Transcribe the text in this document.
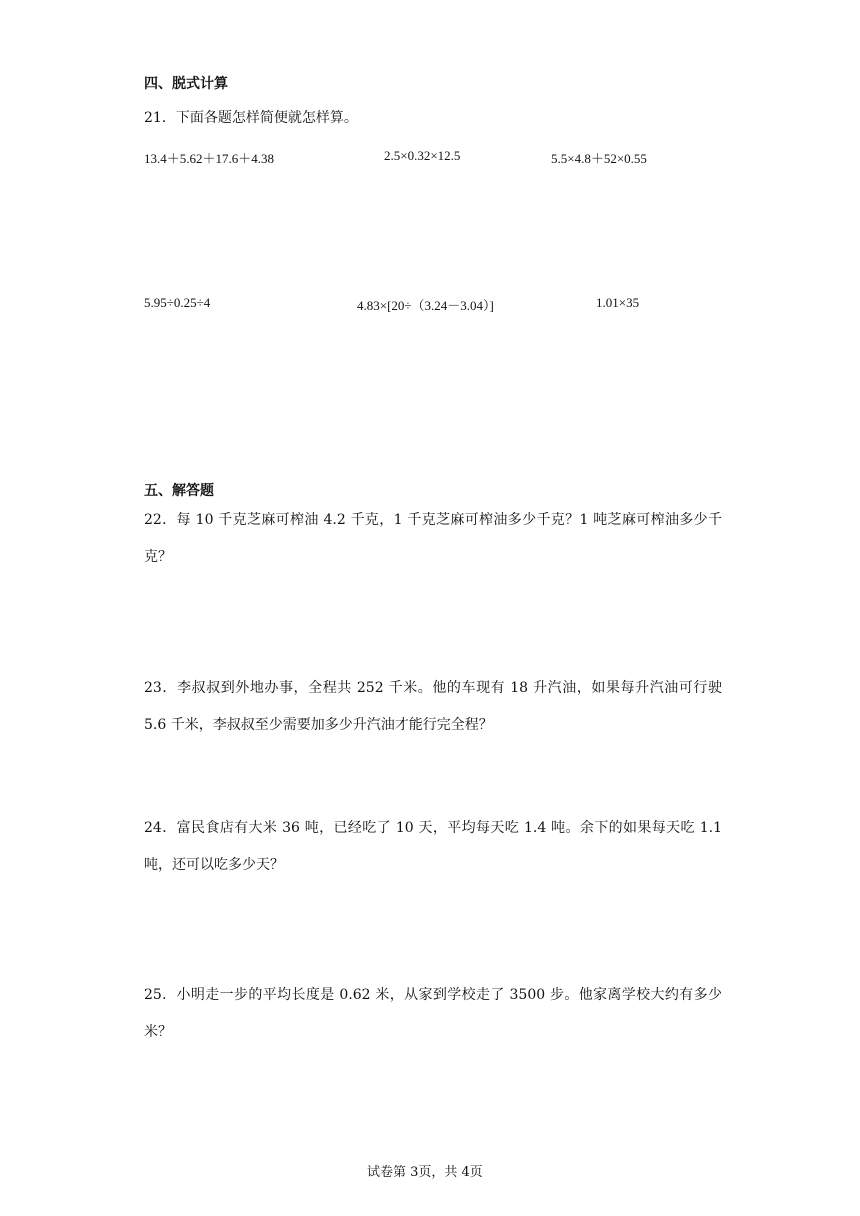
四、脱式计算
21．下面各题怎样简便就怎样算。
13.4＋5.62＋17.6＋4.38	2.5×0.32×12.5	5.5×4.8＋52×0.55
5.95÷0.25÷4	4.83×[20÷（3.24－3.04）]	1.01×35
五、解答题
22．每 10 千克芝麻可榨油 4.2 千克，1 千克芝麻可榨油多少千克？1 吨芝麻可榨油多少千克？
23．李叔叔到外地办事，全程共 252 千米。他的车现有 18 升汽油，如果每升汽油可行驶 5.6 千米，李叔叔至少需要加多少升汽油才能行完全程？
24．富民食店有大米 36 吨，已经吃了 10 天，平均每天吃 1.4 吨。余下的如果每天吃 1.1 吨，还可以吃多少天？
25．小明走一步的平均长度是 0.62 米，从家到学校走了 3500 步。他家离学校大约有多少米？
试卷第 3页，共 4页
